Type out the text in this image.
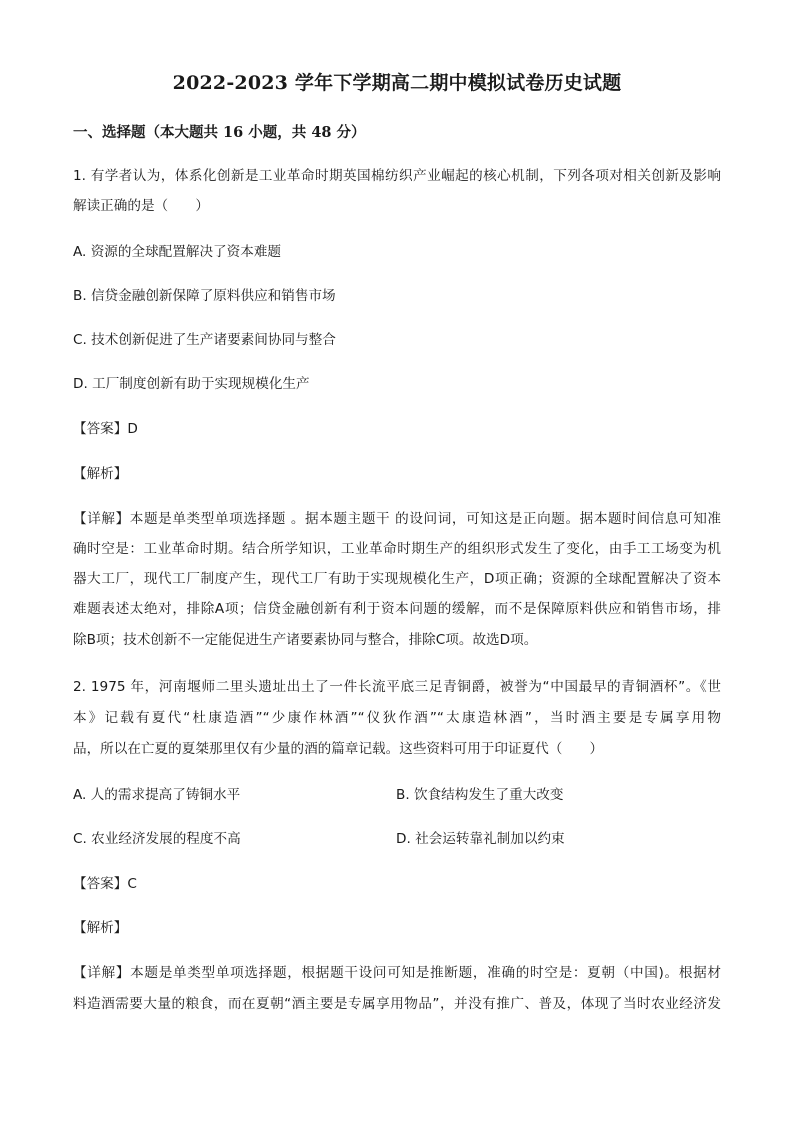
2022-2023 学年下学期高二期中模拟试卷历史试题
一、选择题（本大题共 16 小题，共 48 分）
1. 有学者认为，体系化创新是工业革命时期英国棉纺织产业崛起的核心机制，下列各项对相关创新及影响
解读正确的是（　　）
A. 资源的全球配置解决了资本难题
B. 信贷金融创新保障了原料供应和销售市场
C. 技术创新促进了生产诸要素间协同与整合
D. 工厂制度创新有助于实现规模化生产
【答案】D
【解析】
【详解】本题是单类型单项选择题 。据本题主题干 的设问词，可知这是正向题。据本题时间信息可知准
确时空是：工业革命时期。结合所学知识，工业革命时期生产的组织形式发生了变化，由手工工场变为机
器大工厂，现代工厂制度产生，现代工厂有助于实现规模化生产，D项正确；资源的全球配置解决了资本
难题表述太绝对，排除A项；信贷金融创新有利于资本问题的缓解，而不是保障原料供应和销售市场，排
除B项；技术创新不一定能促进生产诸要素协同与整合，排除C项。故选D项。
2. 1975 年，河南堰师二里头遗址出土了一件长流平底三足青铜爵，被誉为“中国最早的青铜酒杯”。《世
本》记载有夏代“杜康造酒”“少康作林酒”“仪狄作酒”“太康造林酒”，当时酒主要是专属享用物
品，所以在亡夏的夏桀那里仅有少量的酒的篇章记载。这些资料可用于印证夏代（　　）
A. 人的需求提高了铸铜水平	B. 饮食结构发生了重大改变
C. 农业经济发展的程度不高	D. 社会运转靠礼制加以约束
【答案】C
【解析】
【详解】本题是单类型单项选择题，根据题干设问可知是推断题，准确的时空是：夏朝（中国)。根据材
料造酒需要大量的粮食，而在夏朝“酒主要是专属享用物品”，并没有推广、普及，体现了当时农业经济发
